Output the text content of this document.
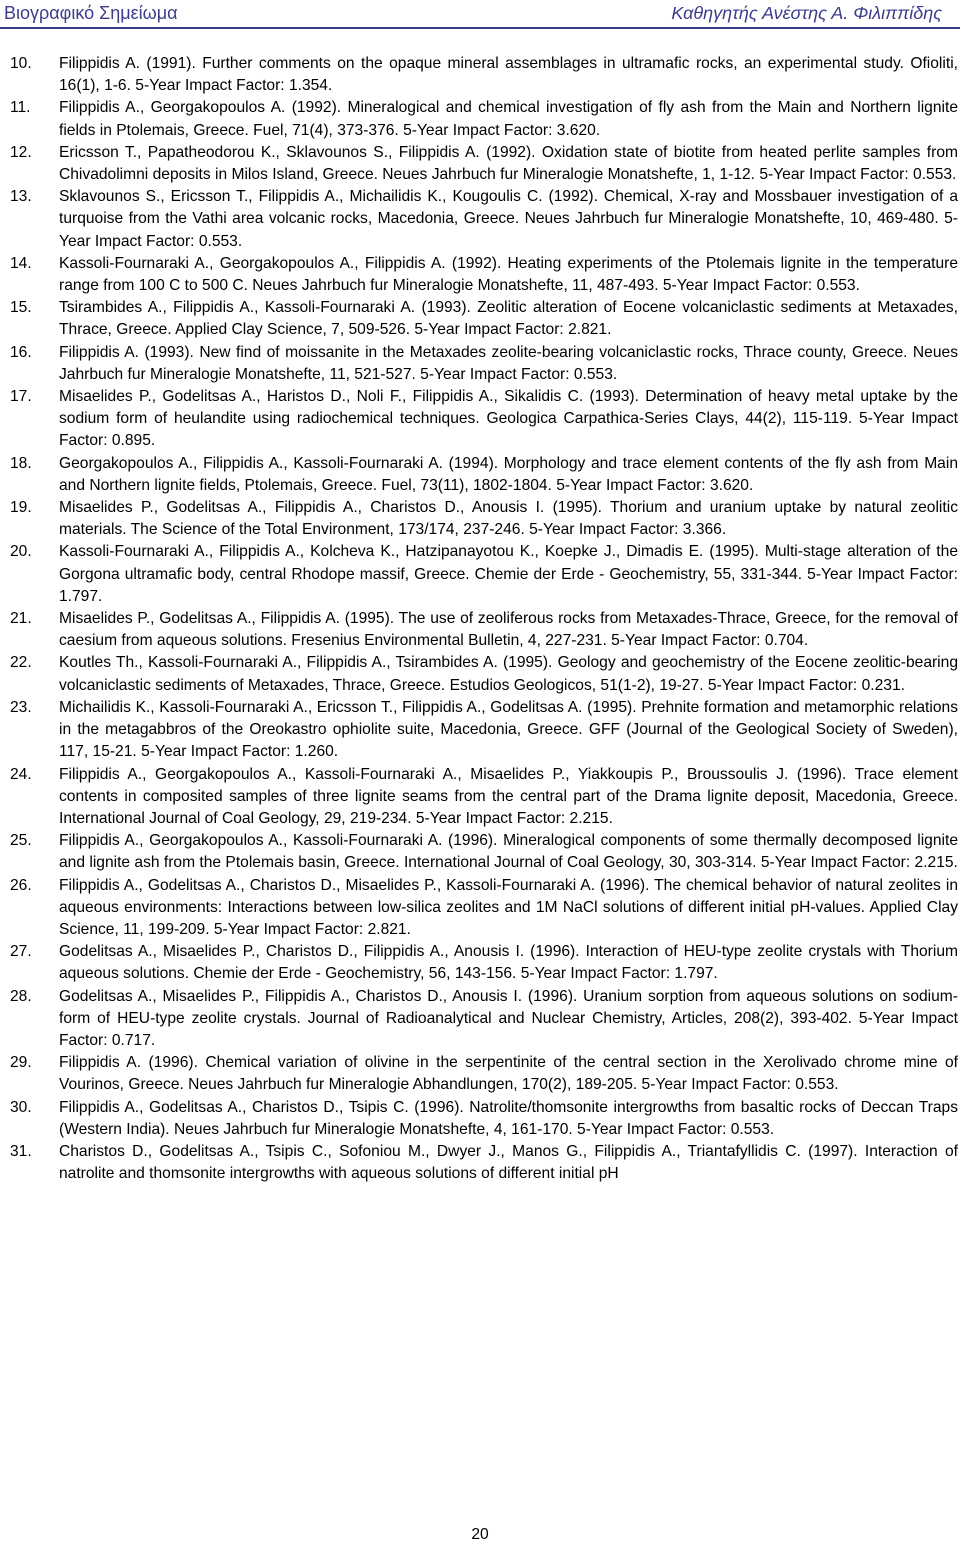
Βιογραφικό Σημείωμα	Καθηγητής Ανέστης Α. Φιλιππίδης
10. Filippidis A. (1991). Further comments on the opaque mineral assemblages in ultramafic rocks, an experimental study. Ofioliti, 16(1), 1-6. 5-Year Impact Factor: 1.354.
11. Filippidis A., Georgakopoulos A. (1992). Mineralogical and chemical investigation of fly ash from the Main and Northern lignite fields in Ptolemais, Greece. Fuel, 71(4), 373-376. 5-Year Impact Factor: 3.620.
12. Ericsson T., Papatheodorou K., Sklavounos S., Filippidis A. (1992). Oxidation state of biotite from heated perlite samples from Chivadolimni deposits in Milos Island, Greece. Neues Jahrbuch fur Mineralogie Monatshefte, 1, 1-12. 5-Year Impact Factor: 0.553.
13. Sklavounos S., Ericsson T., Filippidis A., Michailidis K., Kougoulis C. (1992). Chemical, X-ray and Mossbauer investigation of a turquoise from the Vathi area volcanic rocks, Macedonia, Greece. Neues Jahrbuch fur Mineralogie Monatshefte, 10, 469-480. 5-Year Impact Factor: 0.553.
14. Kassoli-Fournaraki A., Georgakopoulos A., Filippidis A. (1992). Heating experiments of the Ptolemais lignite in the temperature range from 100 C to 500 C. Neues Jahrbuch fur Mineralogie Monatshefte, 11, 487-493. 5-Year Impact Factor: 0.553.
15. Tsirambides A., Filippidis A., Kassoli-Fournaraki A. (1993). Zeolitic alteration of Eocene volcaniclastic sediments at Metaxades, Thrace, Greece. Applied Clay Science, 7, 509-526. 5-Year Impact Factor: 2.821.
16. Filippidis A. (1993). New find of moissanite in the Metaxades zeolite-bearing volcaniclastic rocks, Thrace county, Greece. Neues Jahrbuch fur Mineralogie Monatshefte, 11, 521-527. 5-Year Impact Factor: 0.553.
17. Misaelides P., Godelitsas A., Haristos D., Noli F., Filippidis A., Sikalidis C. (1993). Determination of heavy metal uptake by the sodium form of heulandite using radiochemical techniques. Geologica Carpathica-Series Clays, 44(2), 115-119. 5-Year Impact Factor: 0.895.
18. Georgakopoulos A., Filippidis A., Kassoli-Fournaraki A. (1994). Morphology and trace element contents of the fly ash from Main and Northern lignite fields, Ptolemais, Greece. Fuel, 73(11), 1802-1804. 5-Year Impact Factor: 3.620.
19. Misaelides P., Godelitsas A., Filippidis A., Charistos D., Anousis I. (1995). Thorium and uranium uptake by natural zeolitic materials. The Science of the Total Environment, 173/174, 237-246. 5-Year Impact Factor: 3.366.
20. Kassoli-Fournaraki A., Filippidis A., Kolcheva K., Hatzipanayotou K., Koepke J., Dimadis E. (1995). Multi-stage alteration of the Gorgona ultramafic body, central Rhodope massif, Greece. Chemie der Erde - Geochemistry, 55, 331-344. 5-Year Impact Factor: 1.797.
21. Misaelides P., Godelitsas A., Filippidis A. (1995). The use of zeoliferous rocks from Metaxades-Thrace, Greece, for the removal of caesium from aqueous solutions. Fresenius Environmental Bulletin, 4, 227-231. 5-Year Impact Factor: 0.704.
22. Koutles Th., Kassoli-Fournaraki A., Filippidis A., Tsirambides A. (1995). Geology and geochemistry of the Eocene zeolitic-bearing volcaniclastic sediments of Metaxades, Thrace, Greece. Estudios Geologicos, 51(1-2), 19-27. 5-Year Impact Factor: 0.231.
23. Michailidis K., Kassoli-Fournaraki A., Ericsson T., Filippidis A., Godelitsas A. (1995). Prehnite formation and metamorphic relations in the metagabbros of the Oreokastro ophiolite suite, Macedonia, Greece. GFF (Journal of the Geological Society of Sweden), 117, 15-21. 5-Year Impact Factor: 1.260.
24. Filippidis A., Georgakopoulos A., Kassoli-Fournaraki A., Misaelides P., Yiakkoupis P., Broussoulis J. (1996). Trace element contents in composited samples of three lignite seams from the central part of the Drama lignite deposit, Macedonia, Greece. International Journal of Coal Geology, 29, 219-234. 5-Year Impact Factor: 2.215.
25. Filippidis A., Georgakopoulos A., Kassoli-Fournaraki A. (1996). Mineralogical components of some thermally decomposed lignite and lignite ash from the Ptolemais basin, Greece. International Journal of Coal Geology, 30, 303-314. 5-Year Impact Factor: 2.215.
26. Filippidis A., Godelitsas A., Charistos D., Misaelides P., Kassoli-Fournaraki A. (1996). The chemical behavior of natural zeolites in aqueous environments: Interactions between low-silica zeolites and 1M NaCl solutions of different initial pH-values. Applied Clay Science, 11, 199-209. 5-Year Impact Factor: 2.821.
27. Godelitsas A., Misaelides P., Charistos D., Filippidis A., Anousis I. (1996). Interaction of HEU-type zeolite crystals with Thorium aqueous solutions. Chemie der Erde - Geochemistry, 56, 143-156. 5-Year Impact Factor: 1.797.
28. Godelitsas A., Misaelides P., Filippidis A., Charistos D., Anousis I. (1996). Uranium sorption from aqueous solutions on sodium-form of HEU-type zeolite crystals. Journal of Radioanalytical and Nuclear Chemistry, Articles, 208(2), 393-402. 5-Year Impact Factor: 0.717.
29. Filippidis A. (1996). Chemical variation of olivine in the serpentinite of the central section in the Xerolivado chrome mine of Vourinos, Greece. Neues Jahrbuch fur Mineralogie Abhandlungen, 170(2), 189-205. 5-Year Impact Factor: 0.553.
30. Filippidis A., Godelitsas A., Charistos D., Tsipis C. (1996). Natrolite/thomsonite intergrowths from basaltic rocks of Deccan Traps (Western India). Neues Jahrbuch fur Mineralogie Monatshefte, 4, 161-170. 5-Year Impact Factor: 0.553.
31. Charistos D., Godelitsas A., Tsipis C., Sofoniou M., Dwyer J., Manos G., Filippidis A., Triantafyllidis C. (1997). Interaction of natrolite and thomsonite intergrowths with aqueous solutions of different initial pH
20
